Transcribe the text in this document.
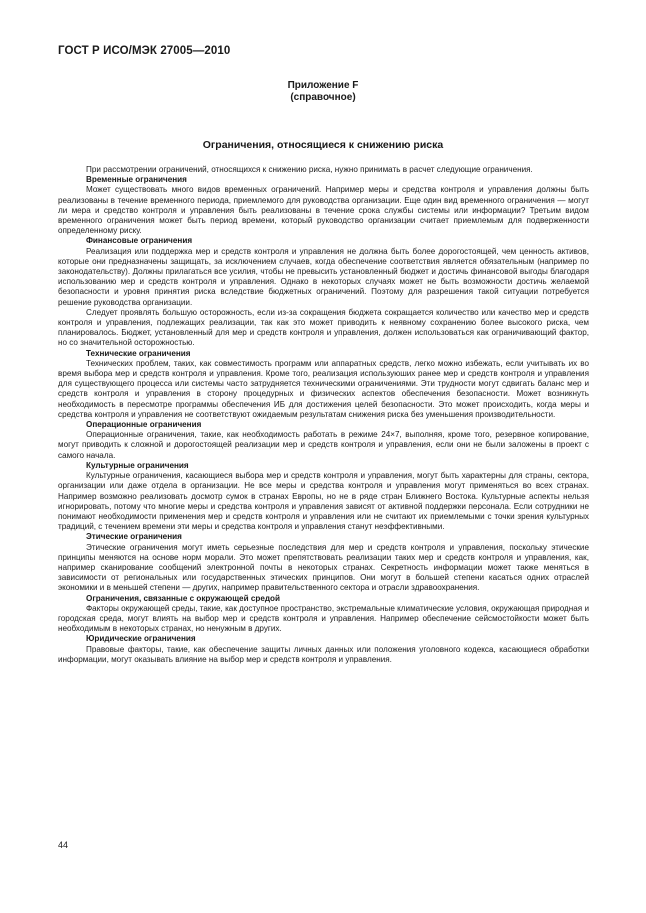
ГОСТ Р ИСО/МЭК 27005—2010
Приложение F
(справочное)
Ограничения, относящиеся к снижению риска

При рассмотрении ограничений, относящихся к снижению риска, нужно принимать в расчет следующие ограничения.

Временные ограничения

Может существовать много видов временных ограничений. Например меры и средства контроля и управления должны быть реализованы в течение временного периода, приемлемого для руководства организации. Еще один вид временного ограничения — могут ли мера и средство контроля и управления быть реализованы в течение срока службы системы или информации? Третьим видом временного ограничения может быть период времени, который руководство организации считает приемлемым для подверженности определенному риску.

Финансовые ограничения

Реализация или поддержка мер и средств контроля и управления не должна быть более дорогостоящей, чем ценность активов, которые они предназначены защищать, за исключением случаев, когда обеспечение соответствия является обязательным (например по законодательству). Должны прилагаться все усилия, чтобы не превысить установленный бюджет и достичь финансовой выгоды благодаря использованию мер и средств контроля и управления. Однако в некоторых случаях может не быть возможности достичь желаемой безопасности и уровня принятия риска вследствие бюджетных ограничений. Поэтому для разрешения такой ситуации потребуется решение руководства организации.

Следует проявлять большую осторожность, если из-за сокращения бюджета сокращается количество или качество мер и средств контроля и управления, подлежащих реализации, так как это может приводить к неявному сохранению более высокого риска, чем планировалось. Бюджет, установленный для мер и средств контроля и управления, должен использоваться как ограничивающий фактор, но со значительной осторожностью.

Технические ограничения

Технических проблем, таких, как совместимость программ или аппаратных средств, легко можно избежать, если учитывать их во время выбора мер и средств контроля и управления. Кроме того, реализация используюших ранее мер и средств контроля и управления для существующего процесса или системы часто затрудняется техническими ограничениями. Эти трудности могут сдвигать баланс мер и средств контроля и управления в сторону процедурных и физических аспектов обеспечения безопасности. Может возникнуть необходимость в пересмотре программы обеспечения ИБ для достижения целей безопасности. Это может происходить, когда меры и средства контроля и управления не соответствуют ожидаемым результатам снижения риска без уменьшения производительности.

Операционные ограничения

Операционные ограничения, такие, как необходимость работать в режиме 24×7, выполняя, кроме того, резервное копирование, могут приводить к сложной и дорогостоящей реализации мер и средств контроля и управления, если они не были заложены в проект с самого начала.

Культурные ограничения

Культурные ограничения, касающиеся выбора мер и средств контроля и управления, могут быть характерны для страны, сектора, организации или даже отдела в организации. Не все меры и средства контроля и управления могут применяться во всех странах. Например возможно реализовать досмотр сумок в странах Европы, но не в ряде стран Ближнего Востока. Культурные аспекты нельзя игнорировать, потому что многие меры и средства контроля и управления зависят от активной поддержки персонала. Если сотрудники не понимают необходимости применения мер и средств контроля и управления или не считают их приемлемыми с точки зрения культурных традиций, с течением времени эти меры и средства контроля и управления станут неэффективными.

Этические ограничения

Этические ограничения могут иметь серьезные последствия для мер и средств контроля и управления, поскольку этические принципы меняются на основе норм морали. Это может препятствовать реализации таких мер и средств контроля и управления, как, например сканирование сообщений электронной почты в некоторых странах. Секретность информации может также меняться в зависимости от региональных или государственных этических принципов. Они могут в большей степени касаться одних отраслей экономики и в меньшей степени — других, например правительственного сектора и отрасли здравоохранения.

Ограничения, связанные с окружающей средой

Факторы окружающей среды, такие, как доступное пространство, экстремальные климатические условия, окружающая природная и городская среда, могут влиять на выбор мер и средств контроля и управления. Например обеспечение сейсмостойкости может быть необходимым в некоторых странах, но ненужным в других.

Юридические ограничения

Правовые факторы, такие, как обеспечение защиты личных данных или положения уголовного кодекса, касающиеся обработки информации, могут оказывать влияние на выбор мер и средств контроля и управления.

44
